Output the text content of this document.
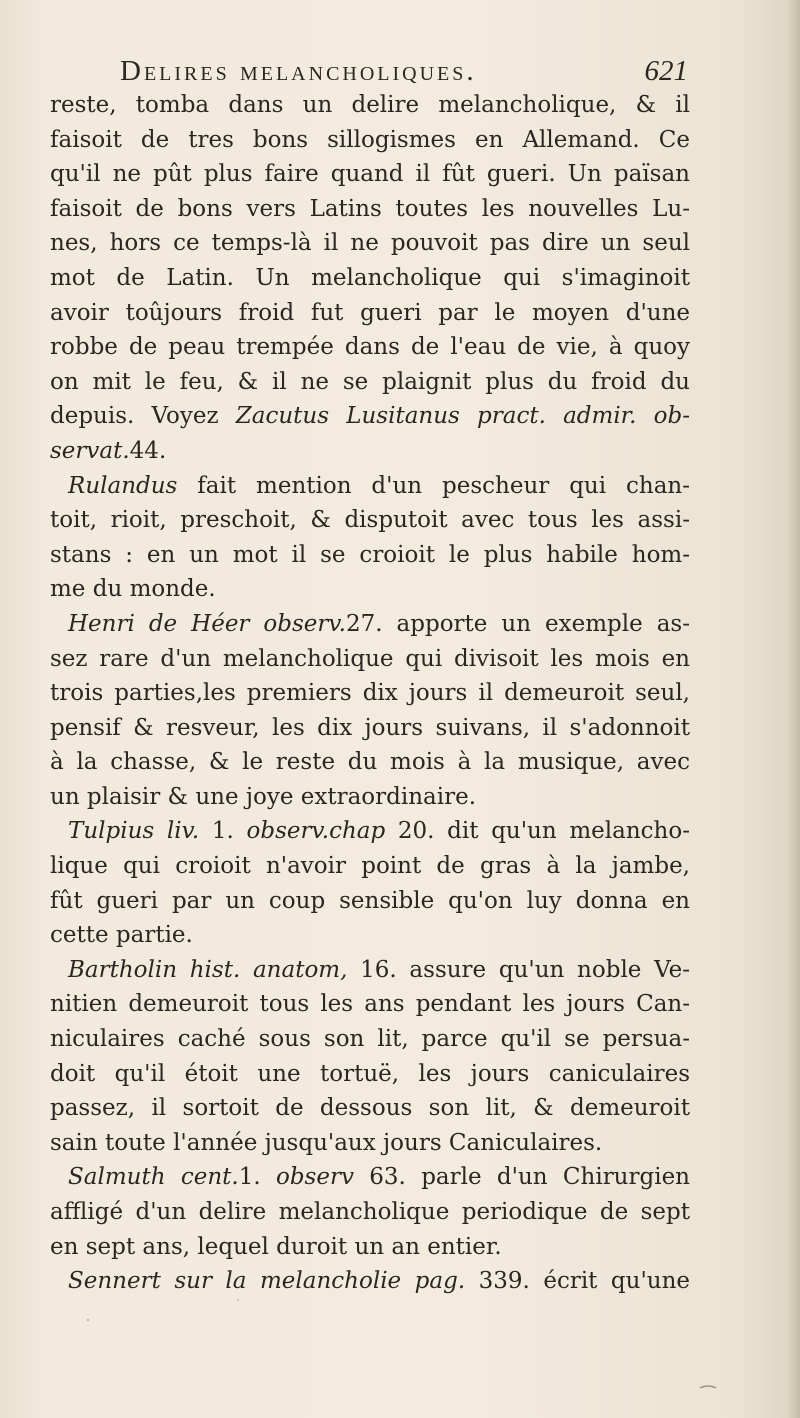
Delires melancholiques.	621
reste, tomba dans un delire melancholique, & il
faisoit de tres bons sillogismes en Allemand. Ce
qu'il ne pût plus faire quand il fût gueri. Un païsan
faisoit de bons vers Latins toutes les nouvelles Lu-
nes, hors ce temps-là il ne pouvoit pas dire un seul
mot de Latin. Un melancholique qui s'imaginoit
avoir toûjours froid fut gueri par le moyen d'une
robbe de peau trempée dans de l'eau de vie, à quoy
on mit le feu, & il ne se plaignit plus du froid du
depuis. Voyez Zacutus Lusitanus pract. admir. ob-
servat.44.
Rulandus fait mention d'un pescheur qui chan-
toit, rioit, preschoit, & disputoit avec tous les assi-
stans : en un mot il se croioit le plus habile hom-
me du monde.
Henri de Héer observ.27. apporte un exemple as-
sez rare d'un melancholique qui divisoit les mois en
trois parties,les premiers dix jours il demeuroit seul,
pensif & resveur, les dix jours suivans, il s'adonnoit
à la chasse, & le reste du mois à la musique, avec
un plaisir & une joye extraordinaire.
Tulpius liv. 1. observ.chap 20. dit qu'un melancho-
lique qui croioit n'avoir point de gras à la jambe,
fût gueri par un coup sensible qu'on luy donna en
cette partie.
Bartholin hist. anatom, 16. assure qu'un noble Ve-
nitien demeuroit tous les ans pendant les jours Can-
niculaires caché sous son lit, parce qu'il se persua-
doit qu'il étoit une tortuë, les jours caniculaires
passez, il sortoit de dessous son lit, & demeuroit
sain toute l'année jusqu'aux jours Caniculaires.
Salmuth cent.1. observ 63. parle d'un Chirurgien
affligé d'un delire melancholique periodique de sept
en sept ans, lequel duroit un an entier.
Sennert sur la melancholie pag. 339. écrit qu'une
